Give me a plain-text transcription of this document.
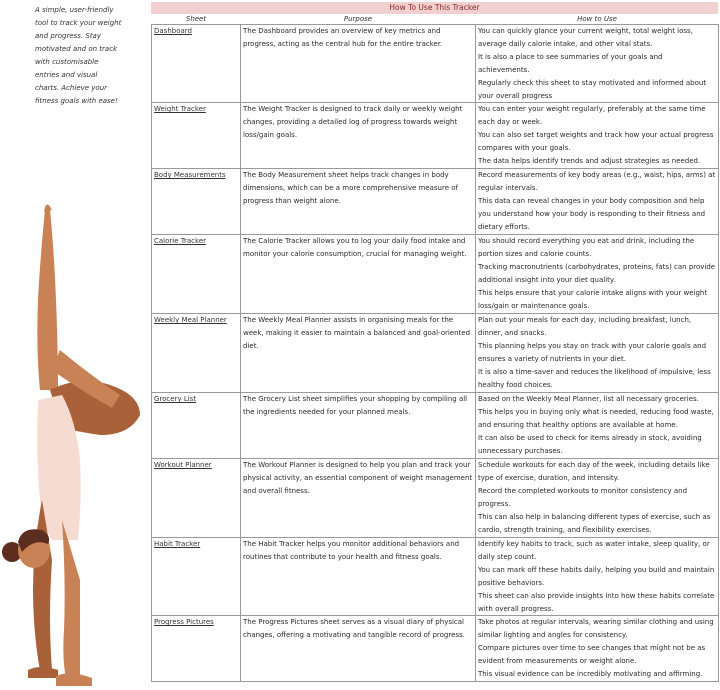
A simple, user-friendly tool to track your weight and progress. Stay motivated and on track with customisable entries and visual charts. Achieve your fitness goals with ease!
How To Use This Tracker
Sheet	Purpose	How to Use
Dashboard	The Dashboard provides an overview of key metrics and progress, acting as the central hub for the entire tracker.	You can quickly glance your current weight, total weight loss, average daily calorie intake, and other vital stats.
It is also a place to see summaries of your goals and achievements.
Regularly check this sheet to stay motivated and informed about your overall progress

Weight Tracker	The Weight Tracker is designed to track daily or weekly weight changes, providing a detailed log of progress towards weight loss/gain goals.	You can enter your weight regularly, preferably at the same time each day or week.
You can also set target weights and track how your actual progress compares with your goals.
The data helps identify trends and adjust strategies as needed.

Body Measurements	The Body Measurement sheet helps track changes in body dimensions, which can be a more comprehensive measure of progress than weight alone.	Record measurements of key body areas (e.g., waist, hips, arms) at regular intervals.
This data can reveal changes in your body composition and help you understand how your body is responding to their fitness and dietary efforts.

Calorie Tracker	The Calorie Tracker allows you to log your daily food intake and monitor your calorie consumption, crucial for managing weight.	You should record everything you eat and drink, including the portion sizes and calorie counts.
Tracking macronutrients (carbohydrates, proteins, fats) can provide additional insight into your diet quality.
This helps ensure that your calorie intake aligns with your weight loss/gain or maintenance goals.

Weekly Meal Planner	The Weekly Meal Planner assists in organising meals for the week, making it easier to maintain a balanced and goal-oriented diet.	Plan out your meals for each day, including breakfast, lunch, dinner, and snacks.
This planning helps you stay on track with your calorie goals and ensures a variety of nutrients in your diet.
It is also a time-saver and reduces the likelihood of impulsive, less healthy food choices.

Grocery List	The Grocery List sheet simplifies your shopping by compiling all the ingredients needed for your planned meals.	Based on the Weekly Meal Planner, list all necessary groceries.
This helps you in buying only what is needed, reducing food waste, and ensuring that healthy options are available at home.
It can also be used to check for items already in stock, avoiding unnecessary purchases.

Workout Planner	The Workout Planner is designed to help you plan and track your physical activity, an essential component of weight management and overall fitness.	Schedule workouts for each day of the week, including details like type of exercise, duration, and intensity.
Record the completed workouts to monitor consistency and progress.
This can also help in balancing different types of exercise, such as cardio, strength training, and flexibility exercises.

Habit Tracker	The Habit Tracker helps you monitor additional behaviors and routines that contribute to your health and fitness goals.	Identify key habits to track, such as water intake, sleep quality, or daily step count.
You can mark off these habits daily, helping you build and maintain positive behaviors.
This sheet can also provide insights into how these habits correlate with overall progress.

Progress Pictures	The Progress Pictures sheet serves as a visual diary of physical changes, offering a motivating and tangible record of progress.	Take photos at regular intervals, wearing similar clothing and using similar lighting and angles for consistency.
Compare pictures over time to see changes that might not be as evident from measurements or weight alone.
This visual evidence can be incredibly motivating and affirming.
